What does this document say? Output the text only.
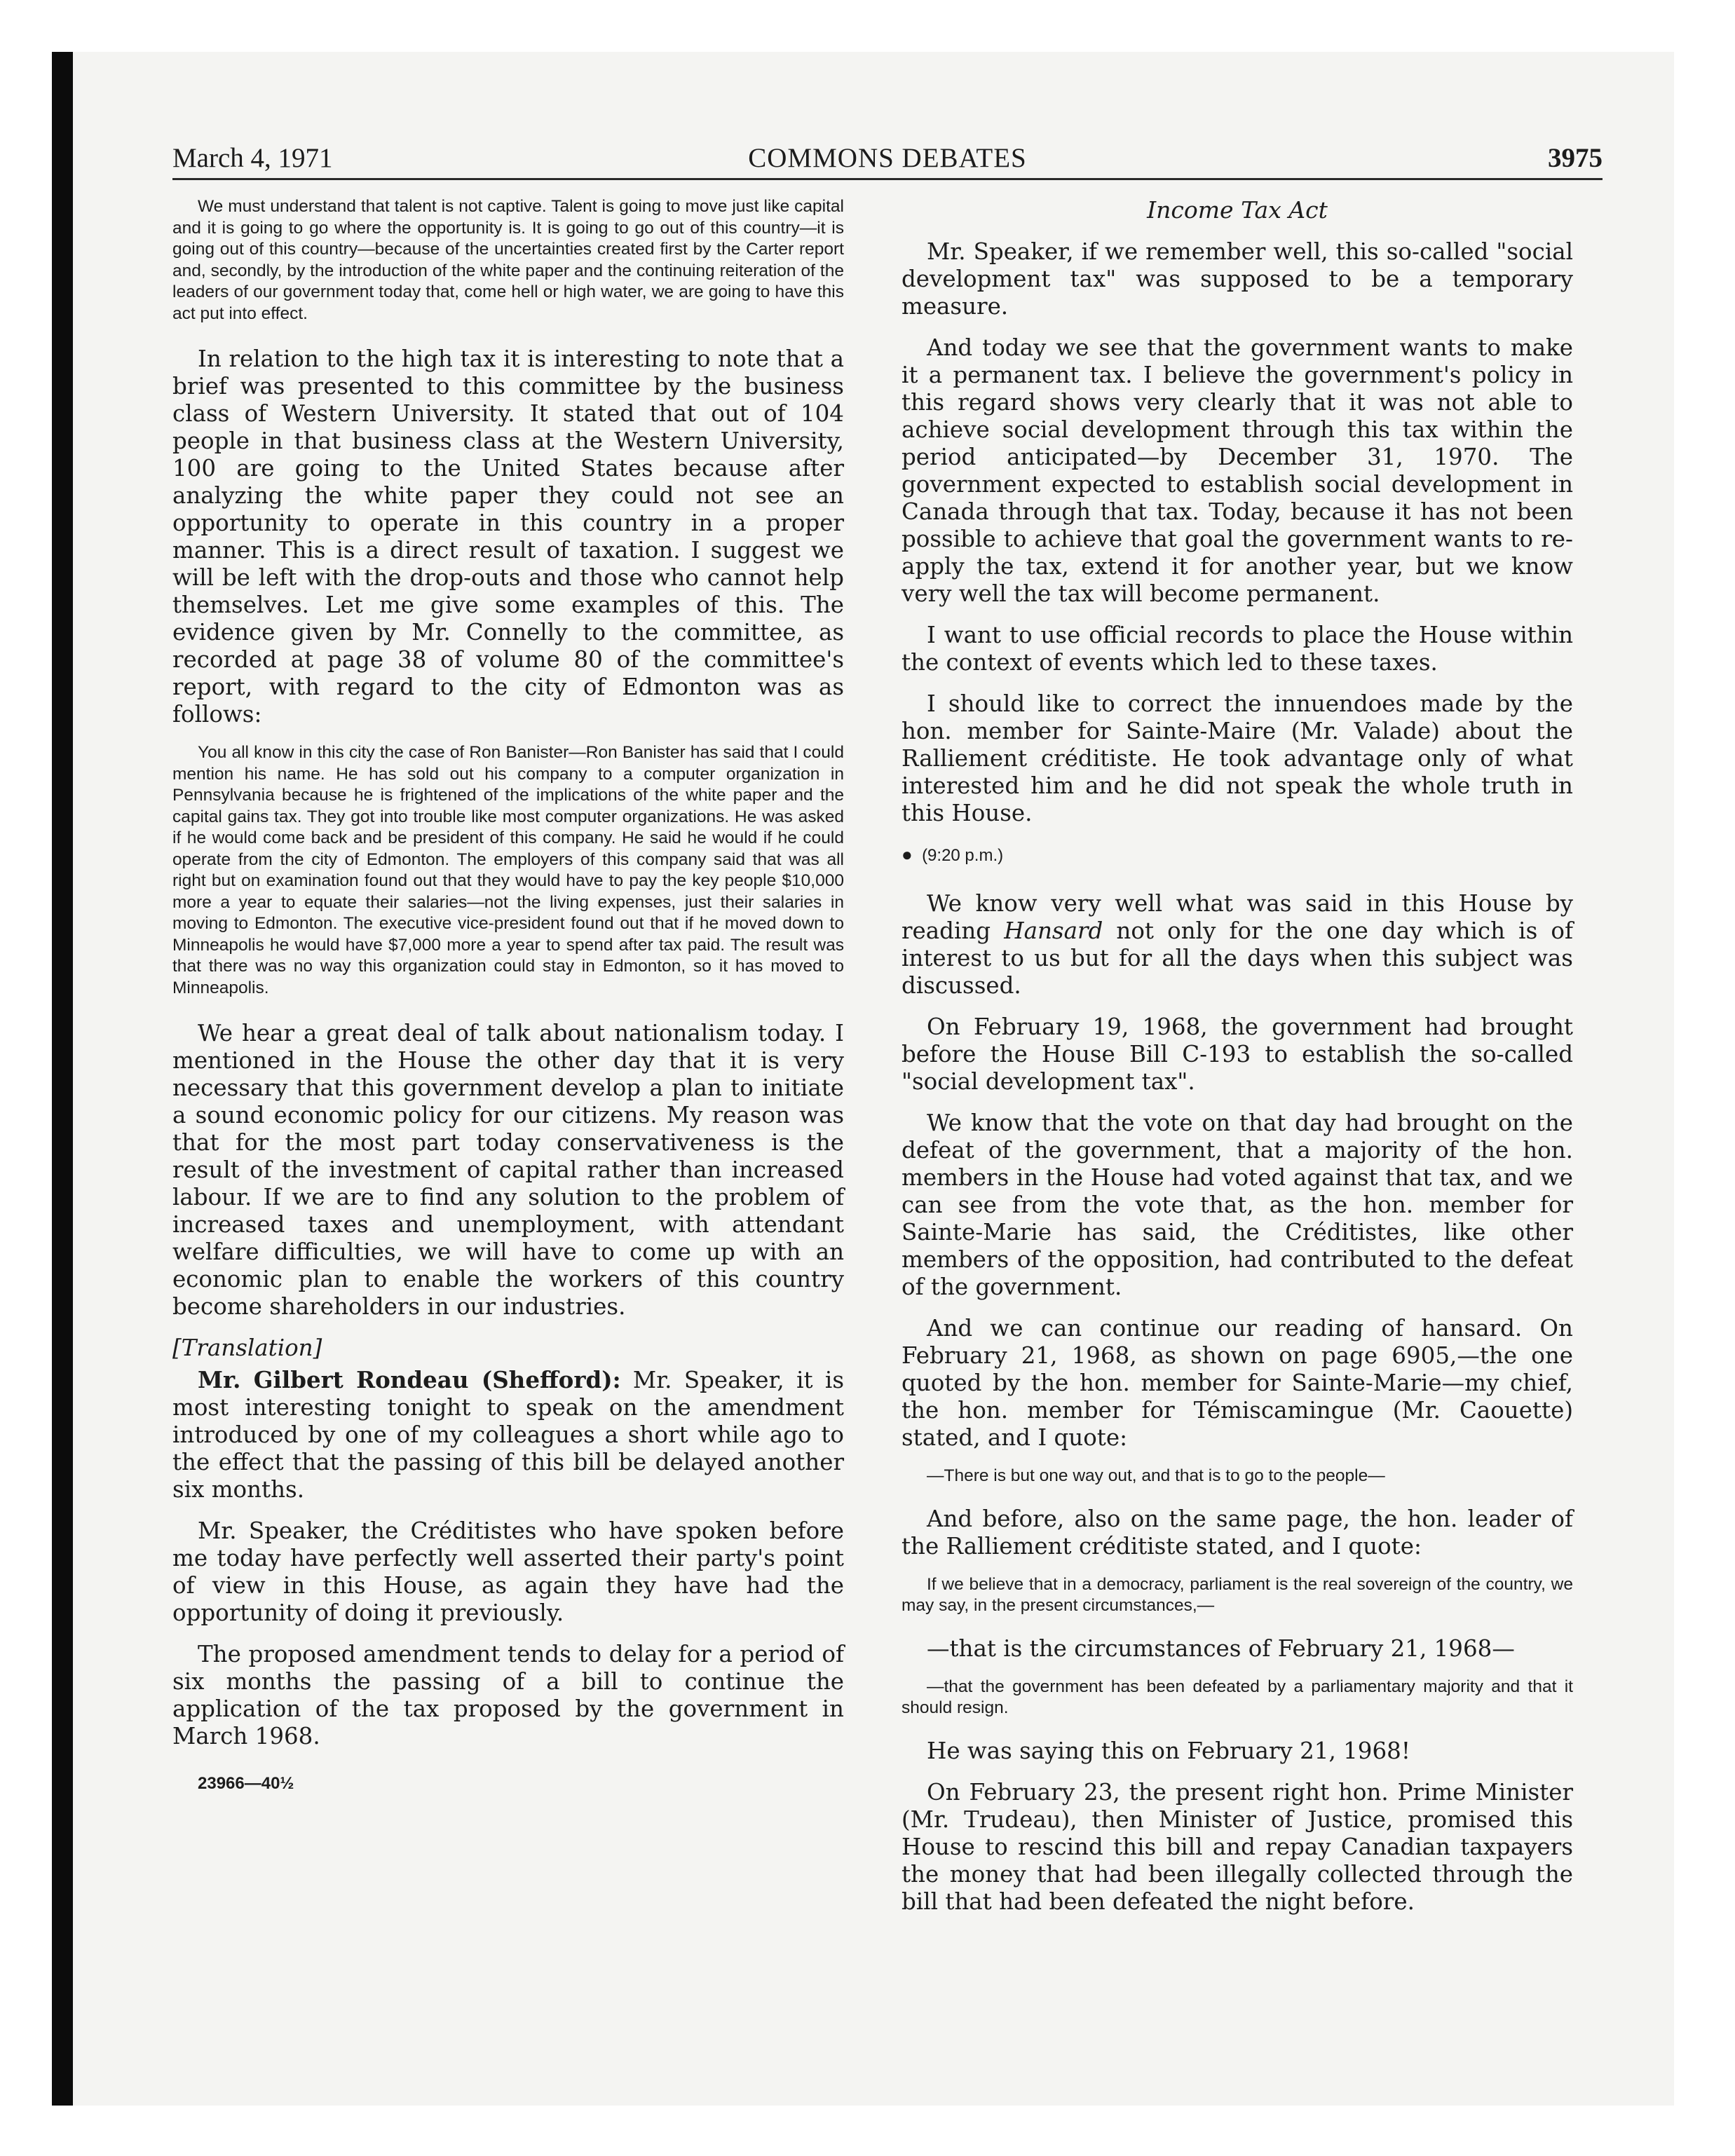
March 4, 1971	COMMONS DEBATES	3975

We must understand that talent is not captive. Talent is going to move just like capital and it is going to go where the opportunity is. It is going to go out of this country—it is going out of this country—because of the uncertainties created first by the Carter report and, secondly, by the introduction of the white paper and the continuing reiteration of the leaders of our government today that, come hell or high water, we are going to have this act put into effect.

In relation to the high tax it is interesting to note that a brief was presented to this committee by the business class of Western University. It stated that out of 104 people in that business class at the Western University, 100 are going to the United States because after analyzing the white paper they could not see an opportunity to operate in this country in a proper manner. This is a direct result of taxation. I suggest we will be left with the drop-outs and those who cannot help themselves. Let me give some examples of this. The evidence given by Mr. Connelly to the committee, as recorded at page 38 of volume 80 of the committee's report, with regard to the city of Edmonton was as follows:

You all know in this city the case of Ron Banister—Ron Banister has said that I could mention his name. He has sold out his company to a computer organization in Pennsylvania because he is frightened of the implications of the white paper and the capital gains tax. They got into trouble like most computer organizations. He was asked if he would come back and be president of this company. He said he would if he could operate from the city of Edmonton. The employers of this company said that was all right but on examination found out that they would have to pay the key people $10,000 more a year to equate their salaries—not the living expenses, just their salaries in moving to Edmonton. The executive vice-president found out that if he moved down to Minneapolis he would have $7,000 more a year to spend after tax paid. The result was that there was no way this organization could stay in Edmonton, so it has moved to Minneapolis.

We hear a great deal of talk about nationalism today. I mentioned in the House the other day that it is very necessary that this government develop a plan to initiate a sound economic policy for our citizens. My reason was that for the most part today conservativeness is the result of the investment of capital rather than increased labour. If we are to find any solution to the problem of increased taxes and unemployment, with attendant welfare difficulties, we will have to come up with an economic plan to enable the workers of this country become shareholders in our industries.

[Translation]

Mr. Gilbert Rondeau (Shefford): Mr. Speaker, it is most interesting tonight to speak on the amendment introduced by one of my colleagues a short while ago to the effect that the passing of this bill be delayed another six months.

Mr. Speaker, the Créditistes who have spoken before me today have perfectly well asserted their party's point of view in this House, as again they have had the opportunity of doing it previously.

The proposed amendment tends to delay for a period of six months the passing of a bill to continue the application of the tax proposed by the government in March 1968.

23966—40½

Income Tax Act

Mr. Speaker, if we remember well, this so-called "social development tax" was supposed to be a temporary measure.

And today we see that the government wants to make it a permanent tax. I believe the government's policy in this regard shows very clearly that it was not able to achieve social development through this tax within the period anticipated—by December 31, 1970. The government expected to establish social development in Canada through that tax. Today, because it has not been possible to achieve that goal the government wants to re-apply the tax, extend it for another year, but we know very well the tax will become permanent.

I want to use official records to place the House within the context of events which led to these taxes.

I should like to correct the innuendoes made by the hon. member for Sainte-Maire (Mr. Valade) about the Ralliement créditiste. He took advantage only of what interested him and he did not speak the whole truth in this House.

● (9:20 p.m.)

We know very well what was said in this House by reading Hansard not only for the one day which is of interest to us but for all the days when this subject was discussed.

On February 19, 1968, the government had brought before the House Bill C-193 to establish the so-called "social development tax".

We know that the vote on that day had brought on the defeat of the government, that a majority of the hon. members in the House had voted against that tax, and we can see from the vote that, as the hon. member for Sainte-Marie has said, the Créditistes, like other members of the opposition, had contributed to the defeat of the government.

And we can continue our reading of hansard. On February 21, 1968, as shown on page 6905,—the one quoted by the hon. member for Sainte-Marie—my chief, the hon. member for Témiscamingue (Mr. Caouette) stated, and I quote:

—There is but one way out, and that is to go to the people—

And before, also on the same page, the hon. leader of the Ralliement créditiste stated, and I quote:

If we believe that in a democracy, parliament is the real sovereign of the country, we may say, in the present circumstances,—

—that is the circumstances of February 21, 1968—

—that the government has been defeated by a parliamentary majority and that it should resign.

He was saying this on February 21, 1968!

On February 23, the present right hon. Prime Minister (Mr. Trudeau), then Minister of Justice, promised this House to rescind this bill and repay Canadian taxpayers the money that had been illegally collected through the bill that had been defeated the night before.
